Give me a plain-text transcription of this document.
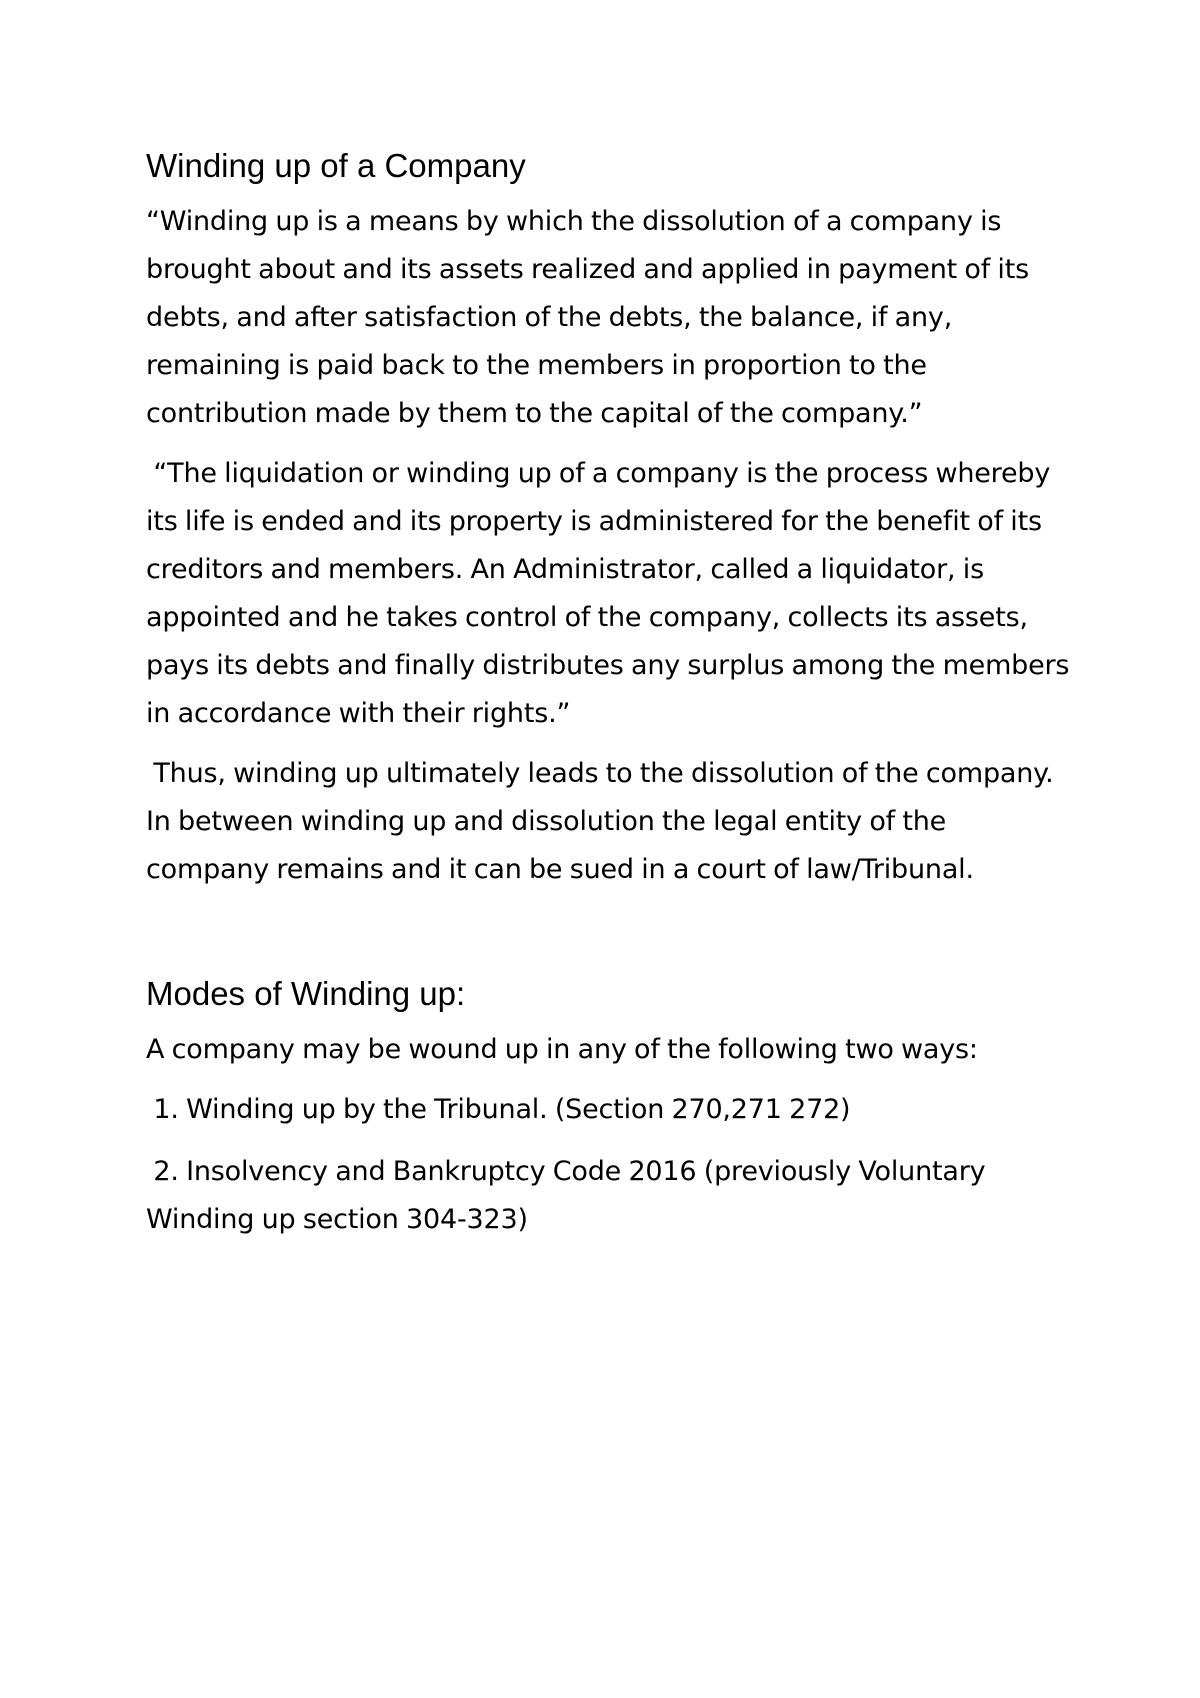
Winding up of a Company

“Winding up is a means by which the dissolution of a company is brought about and its assets realized and applied in payment of its debts, and after satisfaction of the debts, the balance, if any, remaining is paid back to the members in proportion to the contribution made by them to the capital of the company.”

“The liquidation or winding up of a company is the process whereby its life is ended and its property is administered for the benefit of its creditors and members. An Administrator, called a liquidator, is appointed and he takes control of the company, collects its assets, pays its debts and finally distributes any surplus among the members in accordance with their rights.”

Thus, winding up ultimately leads to the dissolution of the company. In between winding up and dissolution the legal entity of the company remains and it can be sued in a court of law/Tribunal.

Modes of Winding up:

A company may be wound up in any of the following two ways:

1. Winding up by the Tribunal. (Section 270,271 272)

2. Insolvency and Bankruptcy Code 2016 (previously Voluntary Winding up section 304-323)
